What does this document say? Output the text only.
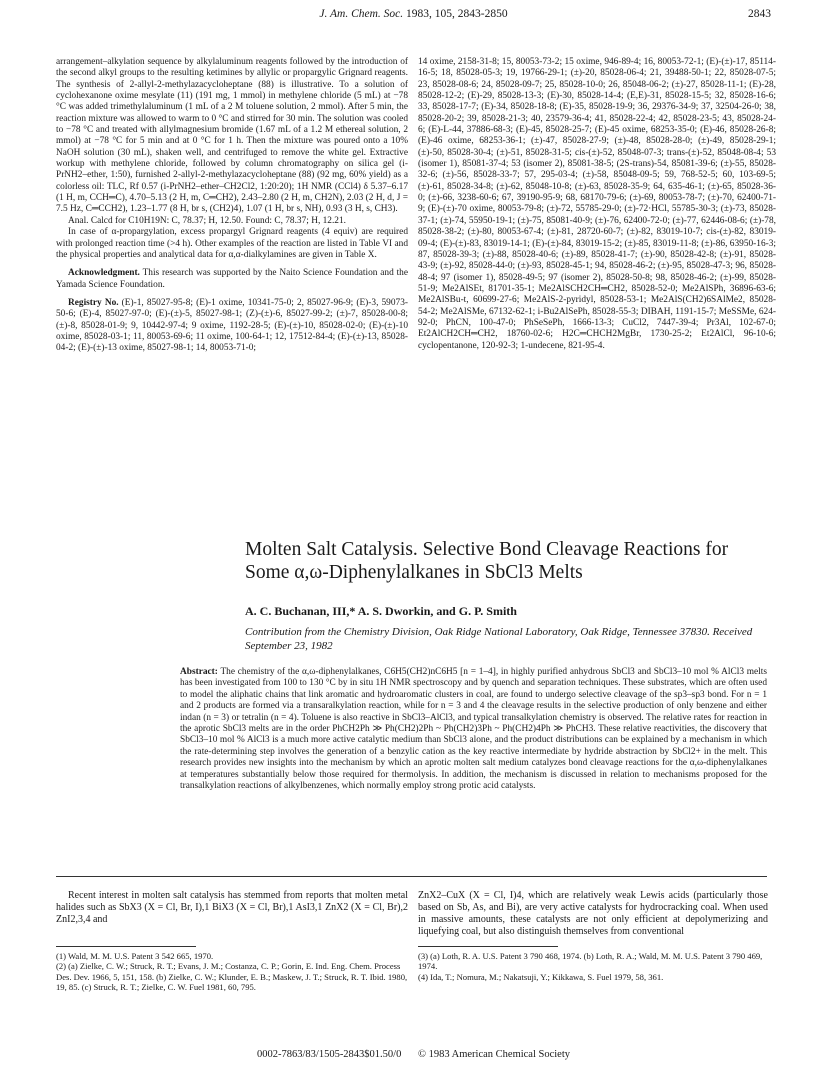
J. Am. Chem. Soc. 1983, 105, 2843-2850	2843

arrangement–alkylation sequence by alkylaluminum reagents followed by the introduction of the second alkyl groups to the resulting ketimines by allylic or propargylic Grignard reagents. The synthesis of 2-allyl-2-methylazacycloheptane (88) is illustrative. To a solution of cyclohexanone oxime mesylate (11) (191 mg, 1 mmol) in methylene chloride (5 mL) at −78 °C was added trimethylaluminum (1 mL of a 2 M toluene solution, 2 mmol). After 5 min, the reaction mixture was allowed to warm to 0 °C and stirred for 30 min. The solution was cooled to −78 °C and treated with allylmagnesium bromide (1.67 mL of a 1.2 M ethereal solution, 2 mmol) at −78 °C for 5 min and at 0 °C for 1 h. Then the mixture was poured onto a 10% NaOH solution (30 mL), shaken well, and centrifuged to remove the white gel. Extractive workup with methylene chloride, followed by column chromatography on silica gel (i-PrNH2–ether, 1:50), furnished 2-allyl-2-methylazacycloheptane (88) (92 mg, 60% yield) as a colorless oil: TLC, Rf 0.57 (i-PrNH2–ether–CH2Cl2, 1:20:20); 1H NMR (CCl4) δ 5.37–6.17 (1 H, m, CCH═C), 4.70–5.13 (2 H, m, C═CH2), 2.43–2.80 (2 H, m, CH2N), 2.03 (2 H, d, J = 7.5 Hz, C═CCH2), 1.23–1.77 (8 H, br s, (CH2)4), 1.07 (1 H, br s, NH), 0.93 (3 H, s, CH3).

Anal. Calcd for C10H19N: C, 78.37; H, 12.50. Found: C, 78.37; H, 12.21.

In case of α-propargylation, excess propargyl Grignard reagents (4 equiv) are required with prolonged reaction time (>4 h). Other examples of the reaction are listed in Table VI and the physical properties and analytical data for α,α-dialkylamines are given in Table X.

Acknowledgment. This research was supported by the Naito Science Foundation and the Yamada Science Foundation.

Registry No. (E)-1, 85027-95-8; (E)-1 oxime, 10341-75-0; 2, 85027-96-9; (E)-3, 59073-50-6; (E)-4, 85027-97-0; (E)-(±)-5, 85027-98-1; (Z)-(±)-6, 85027-99-2; (±)-7, 85028-00-8; (±)-8, 85028-01-9; 9, 10442-97-4; 9 oxime, 1192-28-5; (E)-(±)-10, 85028-02-0; (E)-(±)-10 oxime, 85028-03-1; 11, 80053-69-6; 11 oxime, 100-64-1; 12, 17512-84-4; (E)-(±)-13, 85028-04-2; (E)-(±)-13 oxime, 85027-98-1; 14, 80053-71-0;

14 oxime, 2158-31-8; 15, 80053-73-2; 15 oxime, 946-89-4; 16, 80053-72-1; (E)-(±)-17, 85114-16-5; 18, 85028-05-3; 19, 19766-29-1; (±)-20, 85028-06-4; 21, 39488-50-1; 22, 85028-07-5; 23, 85028-08-6; 24, 85028-09-7; 25, 85028-10-0; 26, 85048-06-2; (±)-27, 85028-11-1; (E)-28, 85028-12-2; (E)-29, 85028-13-3; (E)-30, 85028-14-4; (E,E)-31, 85028-15-5; 32, 85028-16-6; 33, 85028-17-7; (E)-34, 85028-18-8; (E)-35, 85028-19-9; 36, 29376-34-9; 37, 32504-26-0; 38, 85028-20-2; 39, 85028-21-3; 40, 23579-36-4; 41, 85028-22-4; 42, 85028-23-5; 43, 85028-24-6; (E)-L-44, 37886-68-3; (E)-45, 85028-25-7; (E)-45 oxime, 68253-35-0; (E)-46, 85028-26-8; (E)-46 oxime, 68253-36-1; (±)-47, 85028-27-9; (±)-48, 85028-28-0; (±)-49, 85028-29-1; (±)-50, 85028-30-4; (±)-51, 85028-31-5; cis-(±)-52, 85048-07-3; trans-(±)-52, 85048-08-4; 53 (isomer 1), 85081-37-4; 53 (isomer 2), 85081-38-5; (2S-trans)-54, 85081-39-6; (±)-55, 85028-32-6; (±)-56, 85028-33-7; 57, 295-03-4; (±)-58, 85048-09-5; 59, 768-52-5; 60, 103-69-5; (±)-61, 85028-34-8; (±)-62, 85048-10-8; (±)-63, 85028-35-9; 64, 635-46-1; (±)-65, 85028-36-0; (±)-66, 3238-60-6; 67, 39190-95-9; 68, 68170-79-6; (±)-69, 80053-78-7; (±)-70, 62400-71-9; (E)-(±)-70 oxime, 80053-79-8; (±)-72, 55785-29-0; (±)-72·HCl, 55785-30-3; (±)-73, 85028-37-1; (±)-74, 55950-19-1; (±)-75, 85081-40-9; (±)-76, 62400-72-0; (±)-77, 62446-08-6; (±)-78, 85028-38-2; (±)-80, 80053-67-4; (±)-81, 28720-60-7; (±)-82, 83019-10-7; cis-(±)-82, 83019-09-4; (E)-(±)-83, 83019-14-1; (E)-(±)-84, 83019-15-2; (±)-85, 83019-11-8; (±)-86, 63950-16-3; 87, 85028-39-3; (±)-88, 85028-40-6; (±)-89, 85028-41-7; (±)-90, 85028-42-8; (±)-91, 85028-43-9; (±)-92, 85028-44-0; (±)-93, 85028-45-1; 94, 85028-46-2; (±)-95, 85028-47-3; 96, 85028-48-4; 97 (isomer 1), 85028-49-5; 97 (isomer 2), 85028-50-8; 98, 85028-46-2; (±)-99, 85028-51-9; Me2AlSEt, 81701-35-1; Me2AlSCH2CH═CH2, 85028-52-0; Me2AlSPh, 36896-63-6; Me2AlSBu-t, 60699-27-6; Me2AlS-2-pyridyl, 85028-53-1; Me2AlS(CH2)6SAlMe2, 85028-54-2; Me2AlSMe, 67132-62-1; i-Bu2AlSePh, 85028-55-3; DIBAH, 1191-15-7; MeSSMe, 624-92-0; PhCN, 100-47-0; PhSeSePh, 1666-13-3; CuCl2, 7447-39-4; Pr3Al, 102-67-0; Et2AlCH2CH═CH2, 18760-02-6; H2C═CHCH2MgBr, 1730-25-2; Et2AlCl, 96-10-6; cyclopentanone, 120-92-3; 1-undecene, 821-95-4.

Molten Salt Catalysis. Selective Bond Cleavage Reactions for Some α,ω-Diphenylalkanes in SbCl3 Melts
A. C. Buchanan, III,* A. S. Dworkin, and G. P. Smith
Contribution from the Chemistry Division, Oak Ridge National Laboratory, Oak Ridge, Tennessee 37830. Received September 23, 1982
Abstract: The chemistry of the α,ω-diphenylalkanes, C6H5(CH2)nC6H5 [n = 1–4], in highly purified anhydrous SbCl3 and SbCl3–10 mol % AlCl3 melts has been investigated from 100 to 130 °C by in situ 1H NMR spectroscopy and by quench and separation techniques. These substrates, which are often used to model the aliphatic chains that link aromatic and hydroaromatic clusters in coal, are found to undergo selective cleavage of the sp3–sp3 bond. For n = 1 and 2 products are formed via a transaralkylation reaction, while for n = 3 and 4 the cleavage results in the selective production of only benzene and either indan (n = 3) or tetralin (n = 4). Toluene is also reactive in SbCl3–AlCl3, and typical transalkylation chemistry is observed. The relative rates for reaction in the aprotic SbCl3 melts are in the order PhCH2Ph ≫ Ph(CH2)2Ph ~ Ph(CH2)3Ph ~ Ph(CH2)4Ph ≫ PhCH3. These relative reactivities, the discovery that SbCl3–10 mol % AlCl3 is a much more active catalytic medium than SbCl3 alone, and the product distributions can be explained by a mechanism in which the rate-determining step involves the generation of a benzylic cation as the key reactive intermediate by hydride abstraction by SbCl2+ in the melt. This research provides new insights into the mechanism by which an aprotic molten salt medium catalyzes bond cleavage reactions for the α,ω-diphenylalkanes at temperatures substantially below those required for thermolysis. In addition, the mechanism is discussed in relation to mechanisms proposed for the transalkylation reactions of alkylbenzenes, which normally employ strong protic acid catalysts.
Recent interest in molten salt catalysis has stemmed from reports that molten metal halides such as SbX3 (X = Cl, Br, I),1 BiX3 (X = Cl, Br),1 AsI3,1 ZnX2 (X = Cl, Br),2 ZnI2,3,4 and
ZnX2–CuX (X = Cl, I)4, which are relatively weak Lewis acids (particularly those based on Sb, As, and Bi), are very active catalysts for hydrocracking coal. When used in massive amounts, these catalysts are not only efficient at depolymerizing and liquefying coal, but also distinguish themselves from conventional
(1) Wald, M. M. U.S. Patent 3 542 665, 1970.
(2) (a) Zielke, C. W.; Struck, R. T.; Evans, J. M.; Costanza, C. P.; Gorin, E. Ind. Eng. Chem. Process Des. Dev. 1966, 5, 151, 158. (b) Zielke, C. W.; Klunder, E. B.; Maskew, J. T.; Struck, R. T. Ibid. 1980, 19, 85. (c) Struck, R. T.; Zielke, C. W. Fuel 1981, 60, 795.
(3) (a) Loth, R. A. U.S. Patent 3 790 468, 1974. (b) Loth, R. A.; Wald, M. M. U.S. Patent 3 790 469, 1974.
(4) Ida, T.; Nomura, M.; Nakatsuji, Y.; Kikkawa, S. Fuel 1979, 58, 361.
0002-7863/83/1505-2843$01.50/0 © 1983 American Chemical Society
